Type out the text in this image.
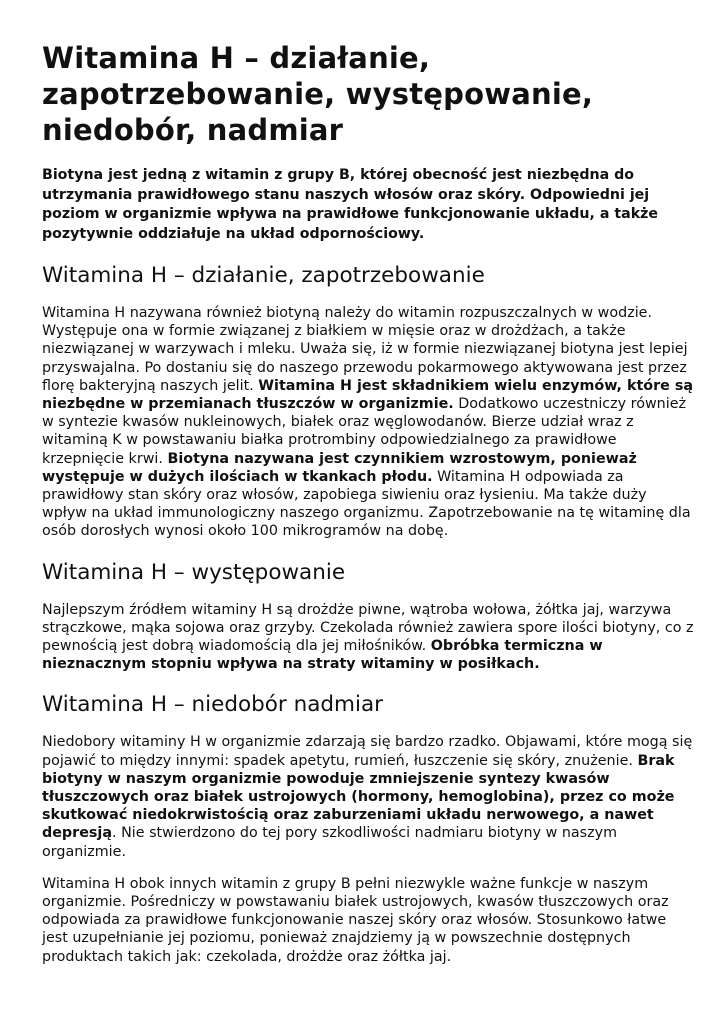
Witamina H – działanie, zapotrzebowanie, występowanie, niedobór, nadmiar

Biotyna jest jedną z witamin z grupy B, której obecność jest niezbędna do utrzymania prawidłowego stanu naszych włosów oraz skóry. Odpowiedni jej poziom w organizmie wpływa na prawidłowe funkcjonowanie układu, a także pozytywnie oddziałuje na układ odpornościowy.

Witamina H – działanie, zapotrzebowanie

Witamina H nazywana również biotyną należy do witamin rozpuszczalnych w wodzie. Występuje ona w formie związanej z białkiem w mięsie oraz w drożdżach, a także niezwiązanej w warzywach i mleku. Uważa się, iż w formie niezwiązanej biotyna jest lepiej przyswajalna. Po dostaniu się do naszego przewodu pokarmowego aktywowana jest przez florę bakteryjną naszych jelit. Witamina H jest składnikiem wielu enzymów, które są niezbędne w przemianach tłuszczów w organizmie. Dodatkowo uczestniczy również w syntezie kwasów nukleinowych, białek oraz węglowodanów. Bierze udział wraz z witaminą K w powstawaniu białka protrombiny odpowiedzialnego za prawidłowe krzepnięcie krwi. Biotyna nazywana jest czynnikiem wzrostowym, ponieważ występuje w dużych ilościach w tkankach płodu. Witamina H odpowiada za prawidłowy stan skóry oraz włosów, zapobiega siwieniu oraz łysieniu. Ma także duży wpływ na układ immunologiczny naszego organizmu. Zapotrzebowanie na tę witaminę dla osób dorosłych wynosi około 100 mikrogramów na dobę.

Witamina H – występowanie

Najlepszym źródłem witaminy H są drożdże piwne, wątroba wołowa, żółtka jaj, warzywa strączkowe, mąka sojowa oraz grzyby. Czekolada również zawiera spore ilości biotyny, co z pewnością jest dobrą wiadomością dla jej miłośników. Obróbka termiczna w nieznacznym stopniu wpływa na straty witaminy w posiłkach.

Witamina H – niedobór nadmiar

Niedobory witaminy H w organizmie zdarzają się bardzo rzadko. Objawami, które mogą się pojawić to między innymi: spadek apetytu, rumień, łuszczenie się skóry, znużenie. Brak biotyny w naszym organizmie powoduje zmniejszenie syntezy kwasów tłuszczowych oraz białek ustrojowych (hormony, hemoglobina), przez co może skutkować niedokrwistością oraz zaburzeniami układu nerwowego, a nawet depresją. Nie stwierdzono do tej pory szkodliwości nadmiaru biotyny w naszym organizmie.

Witamina H obok innych witamin z grupy B pełni niezwykle ważne funkcje w naszym organizmie. Pośredniczy w powstawaniu białek ustrojowych, kwasów tłuszczowych oraz odpowiada za prawidłowe funkcjonowanie naszej skóry oraz włosów. Stosunkowo łatwe jest uzupełnianie jej poziomu, ponieważ znajdziemy ją w powszechnie dostępnych produktach takich jak: czekolada, drożdże oraz żółtka jaj.
